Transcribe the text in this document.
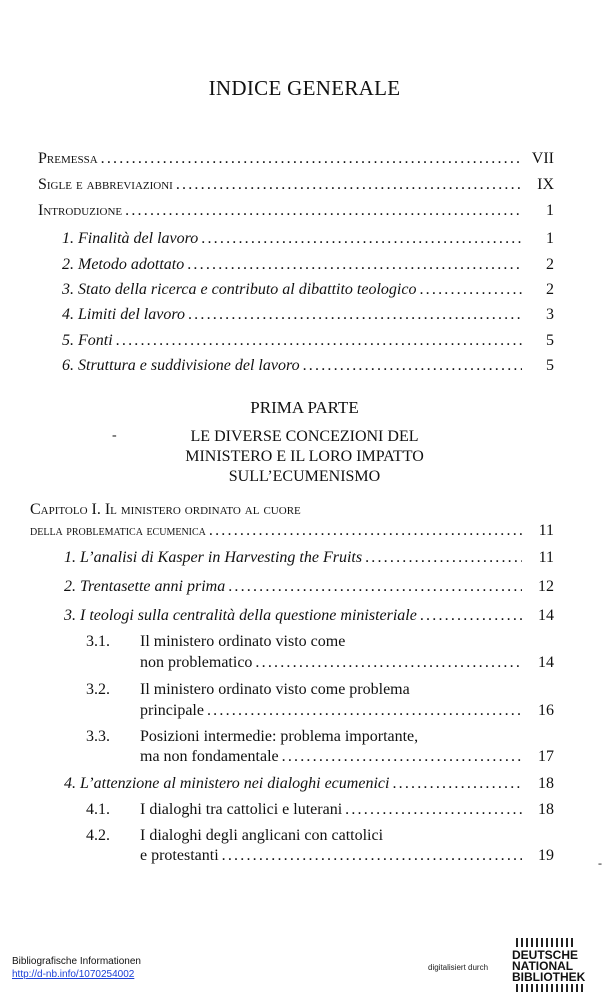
INDICE GENERALE
Premessa .....	VII
Sigle e abbreviazioni .....	IX
Introduzione .....	1
1. Finalità del lavoro .....	1
2. Metodo adottato .....	2
3. Stato della ricerca e contributo al dibattito teologico .....	2
4. Limiti del lavoro .....	3
5. Fonti .....	5
6. Struttura e suddivisione del lavoro .....	5
PRIMA PARTE
-	LE DIVERSE CONCEZIONI DEL
MINISTERO E IL LORO IMPATTO
SULL’ECUMENISMO
Capitolo I. Il ministero ordinato al cuore
della problematica ecumenica .....	11
1. L’analisi di Kasper in Harvesting the Fruits .....	11
2. Trentasette anni prima .....	12
3. I teologi sulla centralità della questione ministeriale .....	14
3.1. Il ministero ordinato visto come
non problematico .....	14
3.2. Il ministero ordinato visto come problema
principale .....	16
3.3. Posizioni intermedie: problema importante,
ma non fondamentale .....	17
4. L’attenzione al ministero nei dialoghi ecumenici .....	18
4.1. I dialoghi tra cattolici e luterani .....	18
4.2. I dialoghi degli anglicani con cattolici
e protestanti .....	19	-
Bibliografische Informationen
http://d-nb.info/1070254002
digitalisiert durch
DEUTSCHE
NATIONAL
BIBLIOTHEK
